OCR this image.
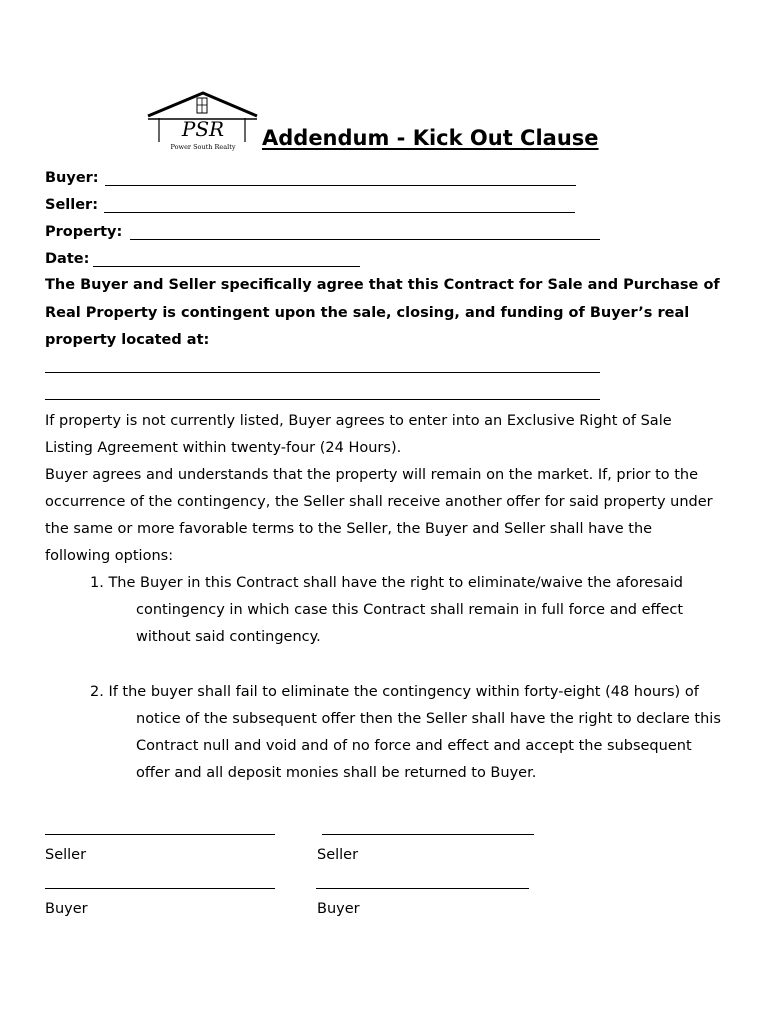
PSR
Power South Realty Addendum - Kick Out Clause
Buyer:
Seller:
Property:
Date:
The Buyer and Seller specifically agree that this Contract for Sale and Purchase of
Real Property is contingent upon the sale, closing, and funding of Buyer’s real
property located at:
If property is not currently listed, Buyer agrees to enter into an Exclusive Right of Sale
Listing Agreement within twenty-four (24 Hours).
Buyer agrees and understands that the property will remain on the market. If, prior to the
occurrence of the contingency, the Seller shall receive another offer for said property under
the same or more favorable terms to the Seller, the Buyer and Seller shall have the
following options:
1. The Buyer in this Contract shall have the right to eliminate/waive the aforesaid
contingency in which case this Contract shall remain in full force and effect
without said contingency.
2. If the buyer shall fail to eliminate the contingency within forty-eight (48 hours) of
notice of the subsequent offer then the Seller shall have the right to declare this
Contract null and void and of no force and effect and accept the subsequent
offer and all deposit monies shall be returned to Buyer.
Seller	Seller
Buyer	Buyer
